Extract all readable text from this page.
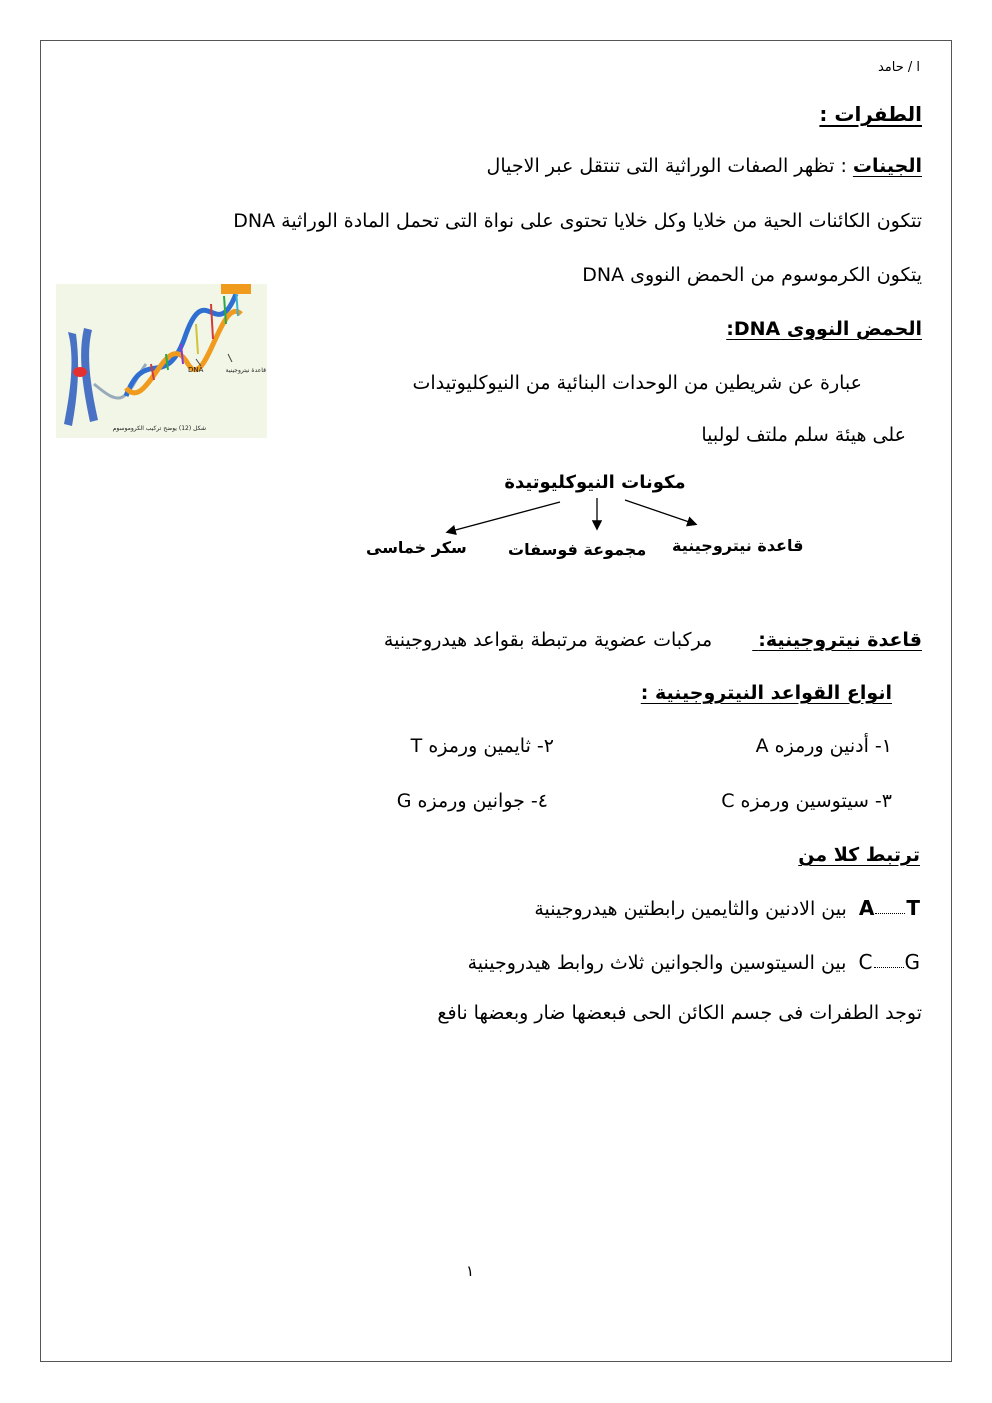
ا / حامد
الطفرات :
الجينات : تظهر الصفات الوراثية التى تنتقل عبر الاجيال
تتكون الكائنات الحية من خلايا وكل خلايا تحتوى على نواة التى تحمل المادة الوراثية DNA
يتكون الكرموسوم من الحمض النووى DNA
DNA	قاعدة نيتروجينية
شكل (12) يوضح تركيب الكروموسوم
الحمض النووى DNA:
عبارة عن شريطين من الوحدات البنائية من النيوكليوتيدات
على هيئة سلم ملتف لولبيا
مكونات النيوكليوتيدة
قاعدة نيتروجينية
مجموعة فوسفات
سكر خماسى
قاعدة نيتروجينية:  مركبات عضوية مرتبطة بقواعد هيدروجينية
انواع القواعد النيتروجينية :
١- أدنين ورمزه A
٢- ثايمين ورمزه T
٣- سيتوسين ورمزه C
٤- جوانين ورمزه G
ترتبط كلا من
A T  بين الادنين والثايمين رابطتين هيدروجينية
C G  بين السيتوسين والجوانين ثلاث روابط هيدروجينية
توجد الطفرات فى جسم الكائن الحى فبعضها ضار وبعضها نافع
١
